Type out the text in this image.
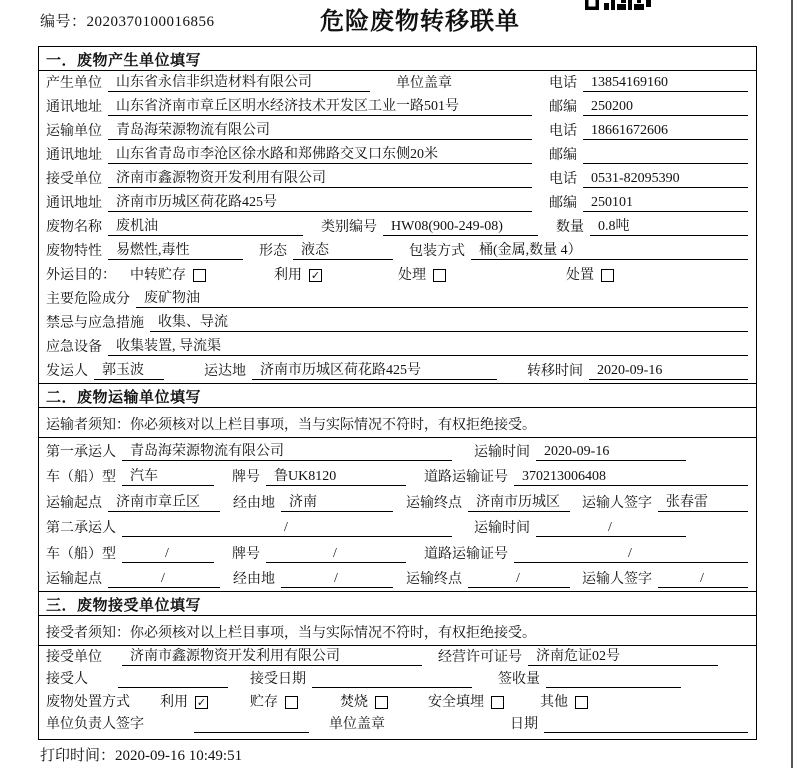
编号：2020370100016856	危险废物转移联单
一．废物产生单位填写
产生单位	山东省永信非织造材料有限公司	单位盖章	电话	13854169160
通讯地址	山东省济南市章丘区明水经济技术开发区工业一路501号	邮编	250200
运输单位	青岛海荣源物流有限公司	电话	18661672606
通讯地址	山东省青岛市李沧区徐水路和郑佛路交叉口东侧20米	邮编
接受单位	济南市鑫源物资开发利用有限公司	电话	0531-82095390
通讯地址	济南市历城区荷花路425号	邮编	250101
废物名称	废机油	类别编号	HW08(900-249-08)	数量	0.8吨
废物特性	易燃性,毒性	形态	液态	包装方式	桶(金属,数量 4）
外运目的： 中转贮存	利用 ✓	处理	处置
主要危险成分	废矿物油
禁忌与应急措施	收集、导流
应急设备	收集装置, 导流渠
发运人	郭玉波	运达地	济南市历城区荷花路425号	转移时间	2020-09-16
二．废物运输单位填写
运输者须知：你必须核对以上栏目事项，当与实际情况不符时，有权拒绝接受。
第一承运人	青岛海荣源物流有限公司	运输时间	2020-09-16
车（船）型	汽车	牌号	鲁UK8120	道路运输证号	370213006408
运输起点	济南市章丘区	经由地	济南	运输终点	济南市历城区	运输人签字	张春雷
第二承运人	/	运输时间	/
车（船）型	/	牌号	/	道路运输证号	/
运输起点	/	经由地	/	运输终点	/	运输人签字	/
三．废物接受单位填写
接受者须知：你必须核对以上栏目事项，当与实际情况不符时，有权拒绝接受。
接受单位	济南市鑫源物资开发利用有限公司	经营许可证号	济南危证02号
接受人	接受日期	签收量
废物处置方式 利用 ✓	贮存	焚烧	安全填埋	其他
单位负责人签字	单位盖章	日期
打印时间：2020-09-16 10:49:51
